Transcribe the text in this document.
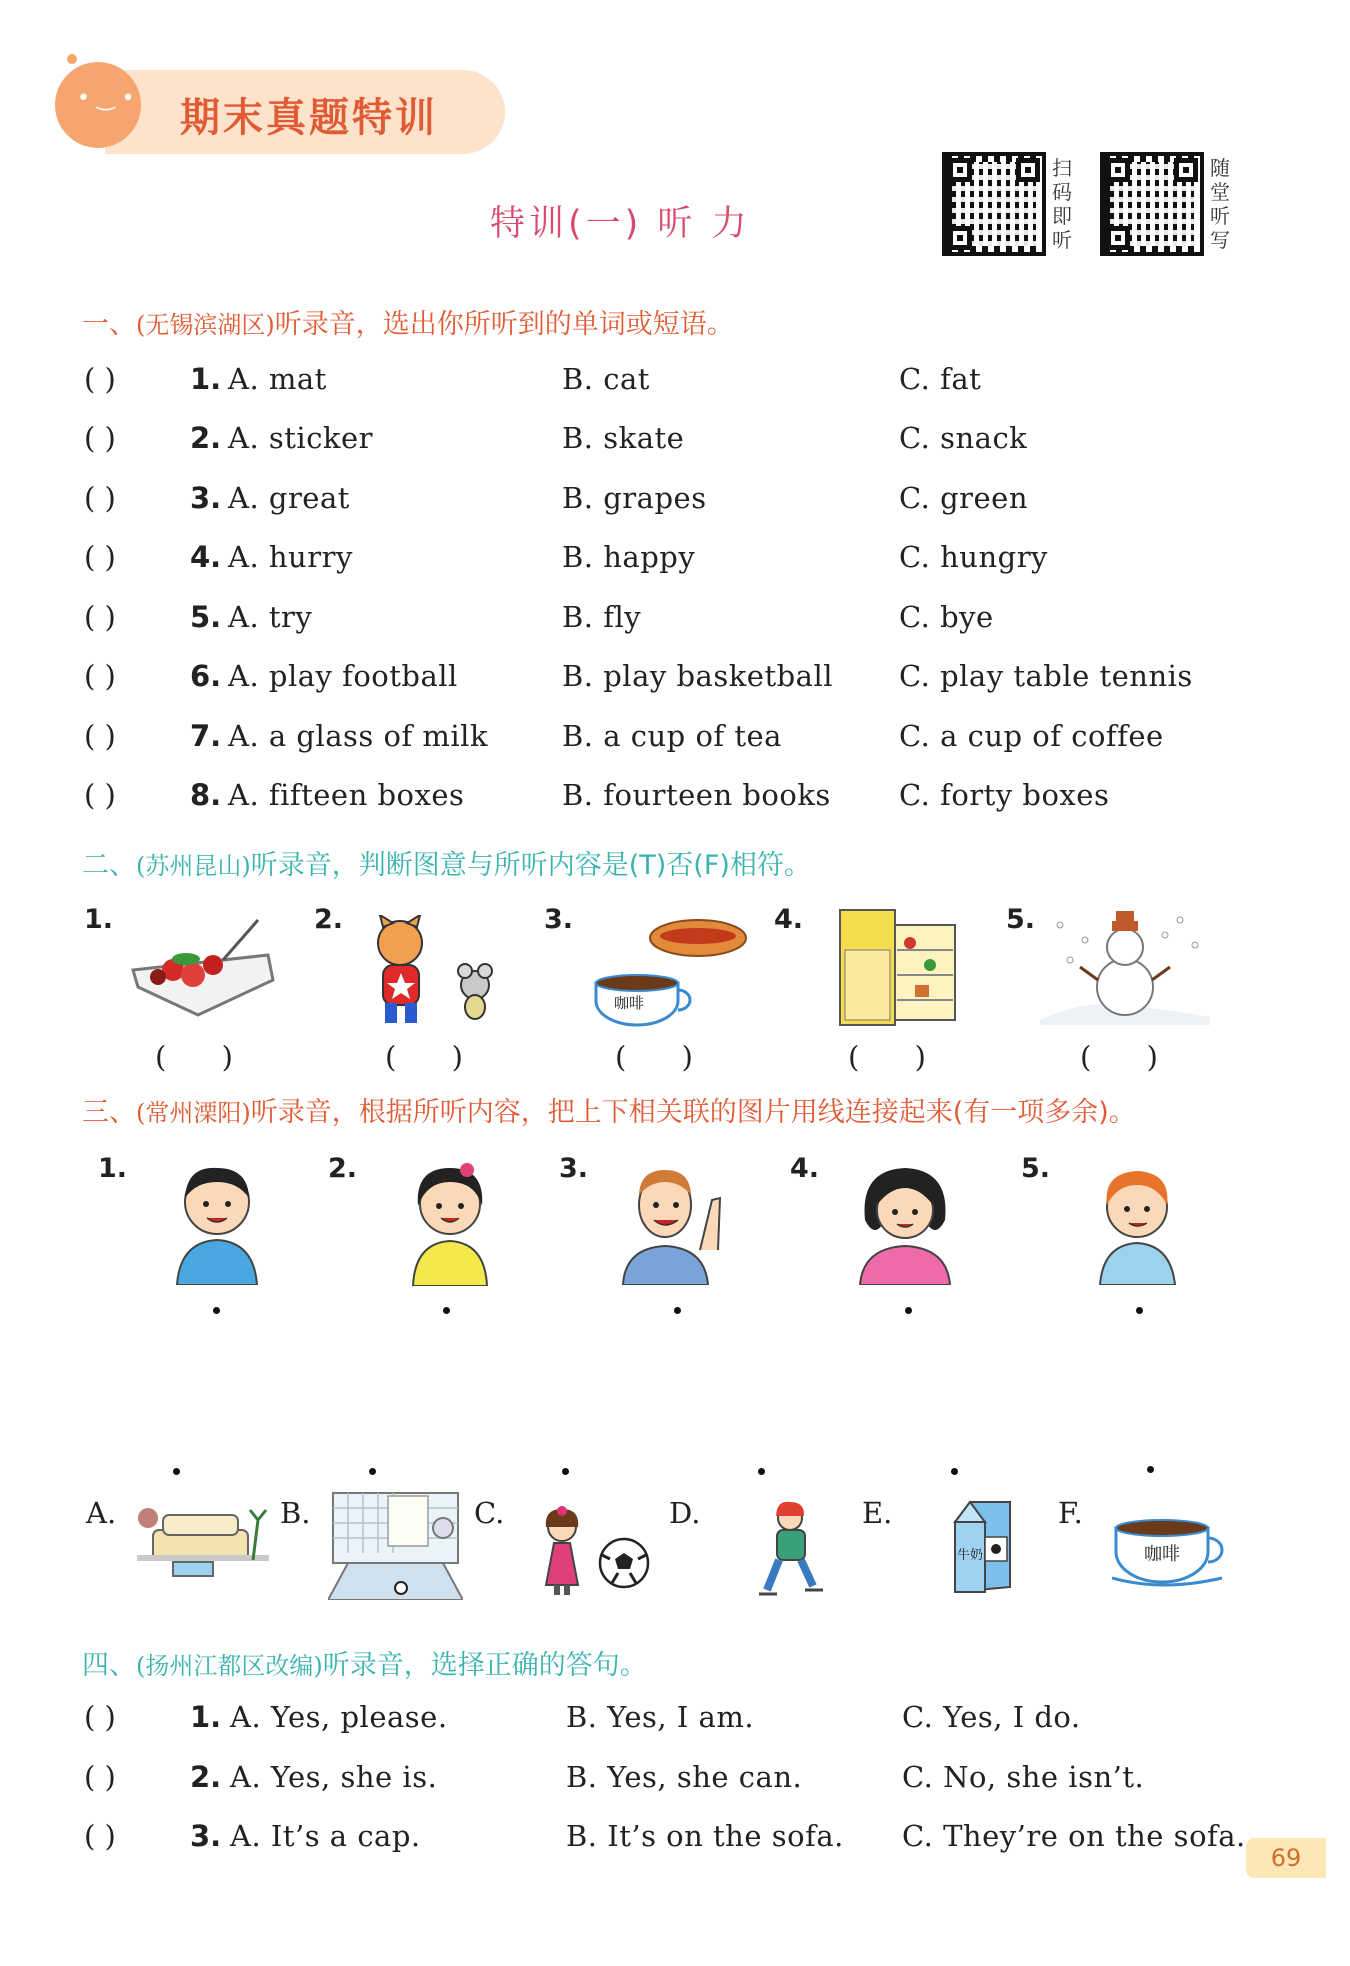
• ‿ • 期末真题特训
特训(一) 听 力
扫码即听
随堂听写
一、(无锡滨湖区)听录音，选出你所听到的单词或短语。
( )	1. A. mat	B. cat	C. fat
( )	2. A. sticker	B. skate	C. snack
( )	3. A. great	B. grapes	C. green
( )	4. A. hurry	B. happy	C. hungry
( )	5. A. try	B. fly	C. bye
( )	6. A. play football	B. play basketball C. play table tennis
( )	7. A. a glass of milk	B. a cup of tea	C. a cup of coffee
( )	8. A. fifteen boxes	B. fourteen books C. forty boxes
二、(苏州昆山)听录音，判断图意与所听内容是(T)否(F)相符。
1.
(      )
2.
(      )
3.
咖啡
(      )
4.
(      )
5.
(      )
三、(常州溧阳)听录音，根据所听内容，把上下相关联的图片用线连接起来(有一项多余)。
1.	2.	3.	4.	5.
A.	B.	C.	D.	E.
牛奶
F.
咖啡
四、(扬州江都区改编)听录音，选择正确的答句。
( )	1. A. Yes, please.	B. Yes, I am.	C. Yes, I do.
( )	2. A. Yes, she is.	B. Yes, she can.	C. No, she isn’t.
( )	3. A. It’s a cap.	B. It’s on the sofa. C. They’re on the sofa.
69
